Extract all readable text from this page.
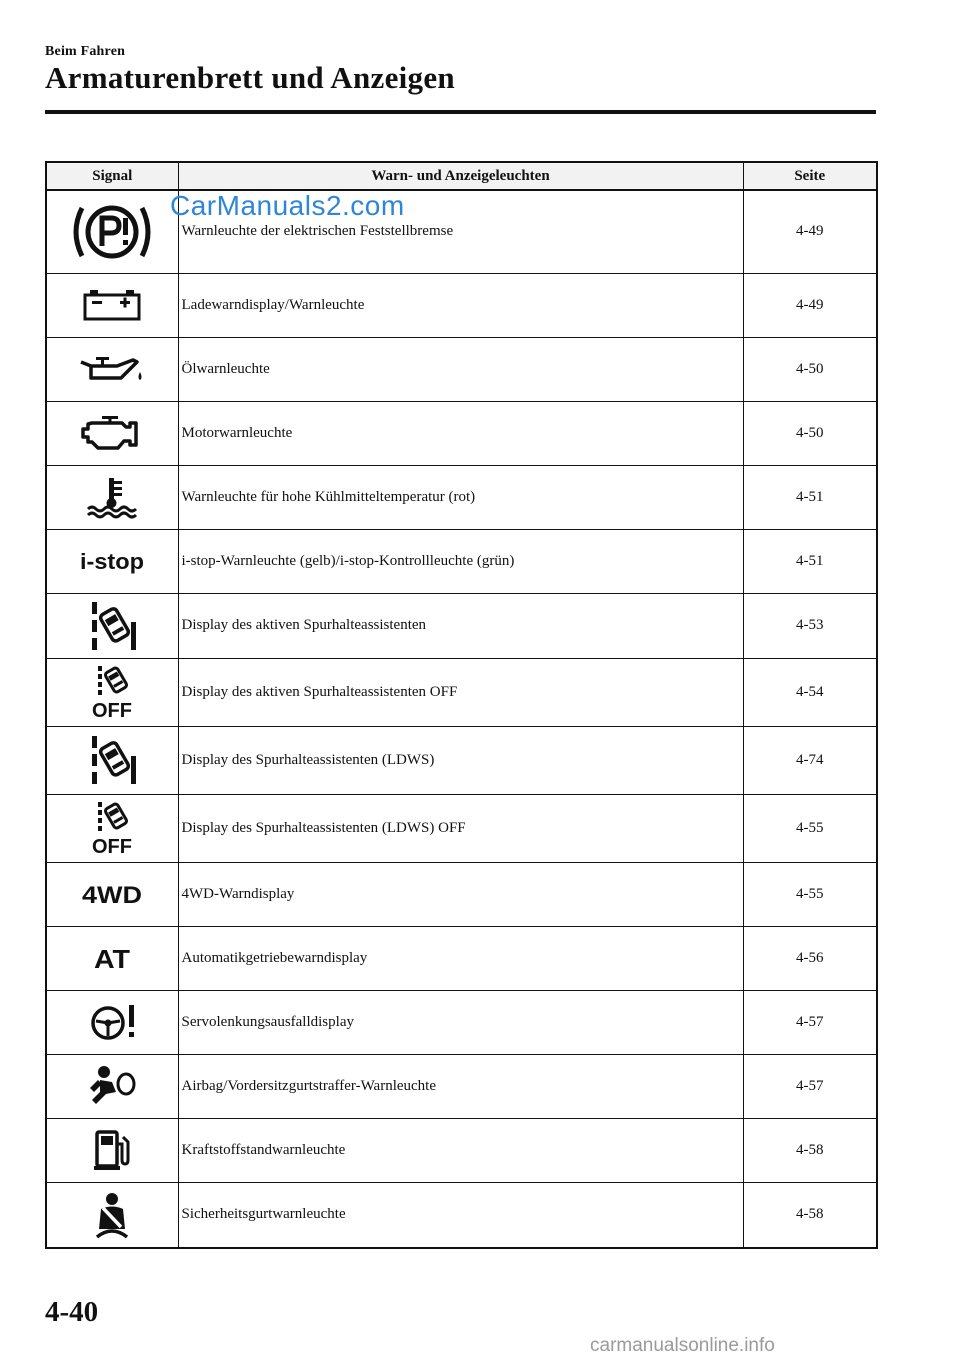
Beim Fahren
Armaturenbrett und Anzeigen
Signal	Warn- und Anzeigeleuchten	Seite

	Warnleuchte der elektrischen Feststellbremse	4-49

	Ladewarndisplay/Warnleuchte	4-49

	Ölwarnleuchte	4-50

	Motorwarnleuchte	4-50

	Warnleuchte für hohe Kühlmitteltemperatur (rot)	4-51

i-stop	i-stop-Warnleuchte (gelb)/i-stop-Kontrollleuchte (grün)	4-51

	Display des aktiven Spurhalteassistenten	4-53

OFF	Display des aktiven Spurhalteassistenten OFF	4-54

	Display des Spurhalteassistenten (LDWS)	4-74

OFF	Display des Spurhalteassistenten (LDWS) OFF	4-55

4WD	4WD-Warndisplay	4-55

AT	Automatikgetriebewarndisplay	4-56

	Servolenkungsausfalldisplay	4-57

	Airbag/Vordersitzgurtstraffer-Warnleuchte	4-57

	Kraftstoffstandwarnleuchte	4-58

	Sicherheitsgurtwarnleuchte	4-58
CarManuals2.com
4-40
carmanualsonline.info
